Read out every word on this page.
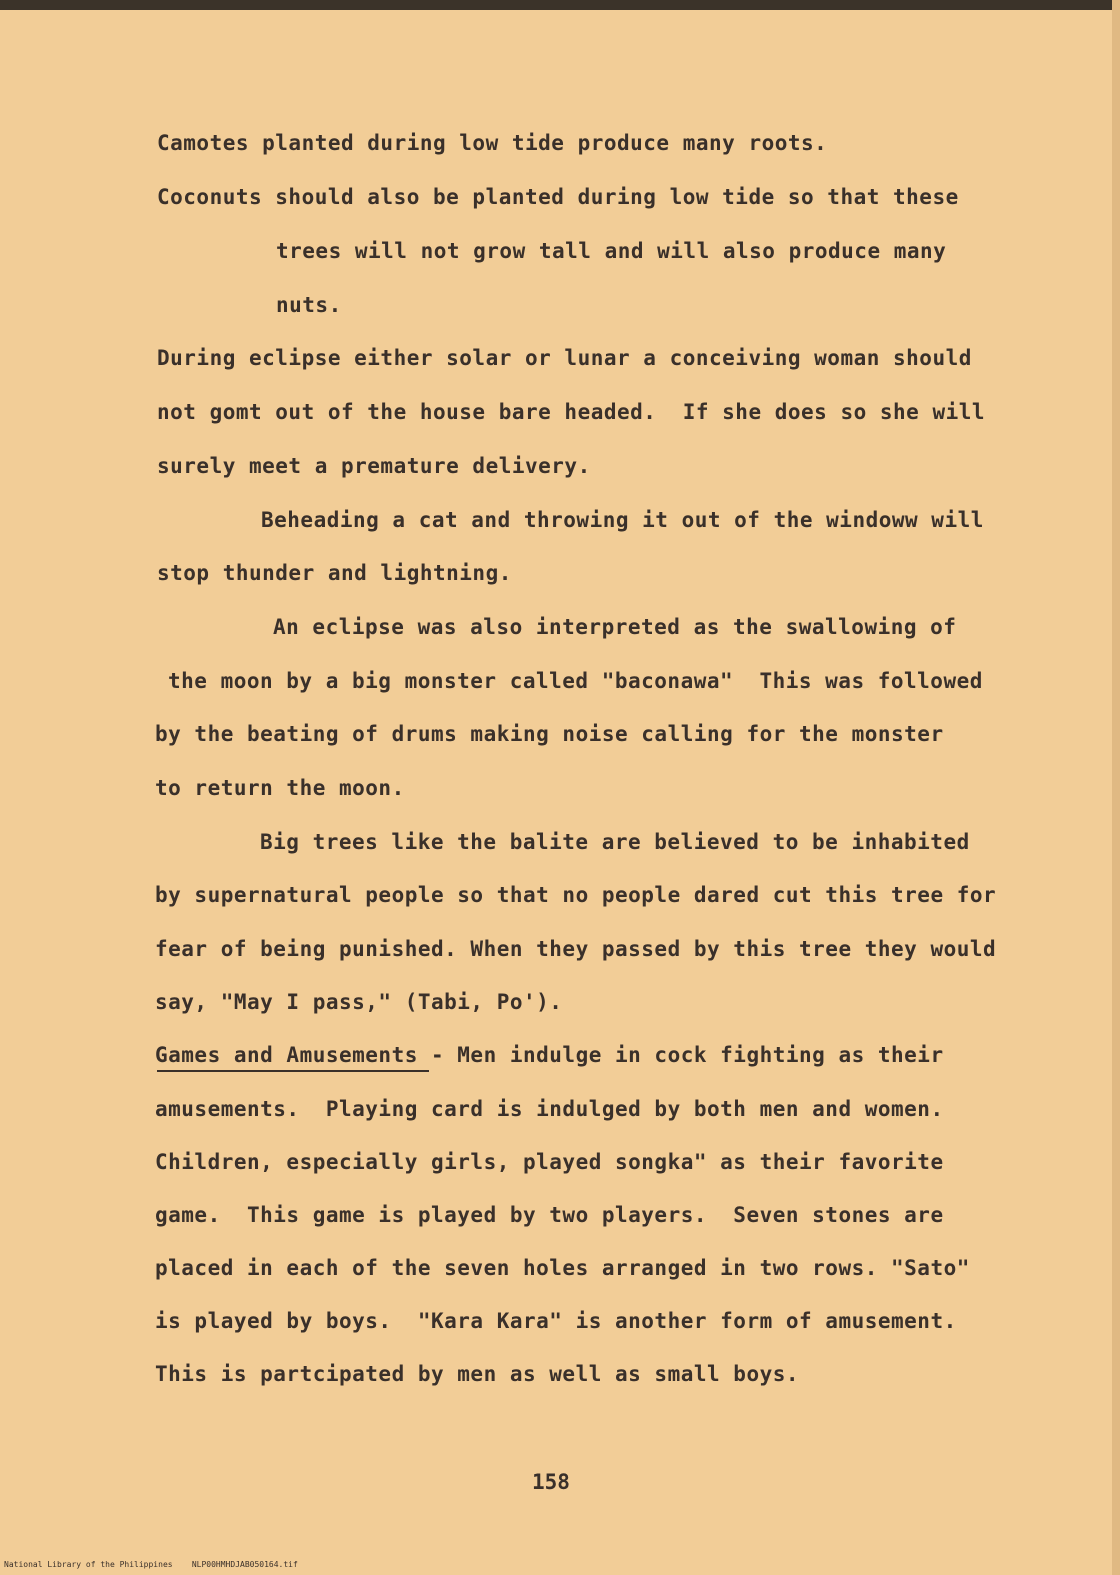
Camotes planted during low tide produce many roots.
Coconuts should also be planted during low tide so that these
trees will not grow tall and will also produce many
nuts.
During eclipse either solar or lunar a conceiving woman should
not gomt out of the house bare headed.  If she does so she will
surely meet a premature delivery.
Beheading a cat and throwing it out of the windoww will
stop thunder and lightning.
An eclipse was also interpreted as the swallowing of
the moon by a big monster called "baconawa"  This was followed
by the beating of drums making noise calling for the monster
to return the moon.
Big trees like the balite are believed to be inhabited
by supernatural people so that no people dared cut this tree for
fear of being punished. When they passed by this tree they would
say, "May I pass," (Tabi, Po').
Games and Amusements - Men indulge in cock fighting as their
amusements.  Playing card is indulged by both men and women.
Children, especially girls, played songka" as their favorite
game.  This game is played by two players.  Seven stones are
placed in each of the seven holes arranged in two rows. "Sato"
is played by boys.  "Kara Kara" is another form of amusement.
This is partcipated by men as well as small boys.
158
National Library of the Philippines    NLP00HMHDJAB050164.tif
